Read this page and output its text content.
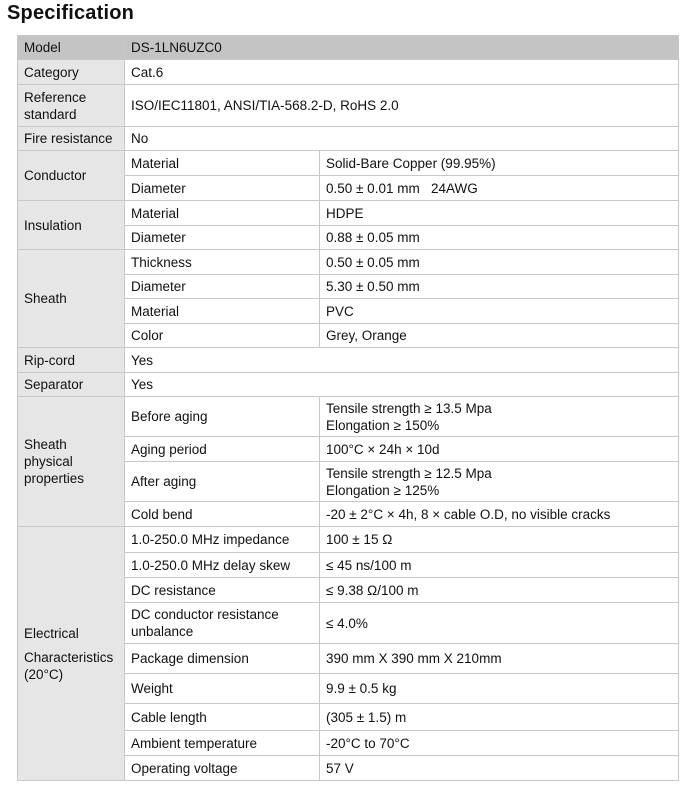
Specification
Model	DS-1LN6UZC0	
Category	Cat.6	

Reference
standard	ISO/IEC11801, ANSI/TIA-568.2-D, RoHS 2.0	
Fire resistance	No	
Conductor	Material	Solid-Bare Copper (99.95%)
	Diameter	0.50 ± 0.01 mm   24AWG
Insulation	Material	HDPE
	Diameter	0.88 ± 0.05 mm
Sheath	Thickness	0.50 ± 0.05 mm
	Diameter	5.30 ± 0.50 mm
	Material	PVC
	Color	Grey, Orange
Rip-cord	Yes	
Separator	Yes	

Sheath
physical
properties	Before aging	Tensile strength ≥ 13.5 Mpa
Elongation ≥ 150%

	Aging period	100°C × 24h × 10d
	After aging	Tensile strength ≥ 12.5 Mpa
Elongation ≥ 125%

	Cold bend	-20 ± 2°C × 4h, 8 × cable O.D, no visible cracks

Electrical
Characteristics
(20°C)	1.0-250.0 MHz impedance	100 ± 15 Ω
	1.0-250.0 MHz delay skew	≤ 45 ns/100 m
	DC resistance	≤ 9.38 Ω/100 m

	DC conductor resistance
unbalance	≤ 4.0%
	Package dimension	390 mm X 390 mm X 210mm
	Weight	9.9 ± 0.5 kg
	Cable length	(305 ± 1.5) m
	Ambient temperature	-20°C to 70°C
	Operating voltage	57 V
